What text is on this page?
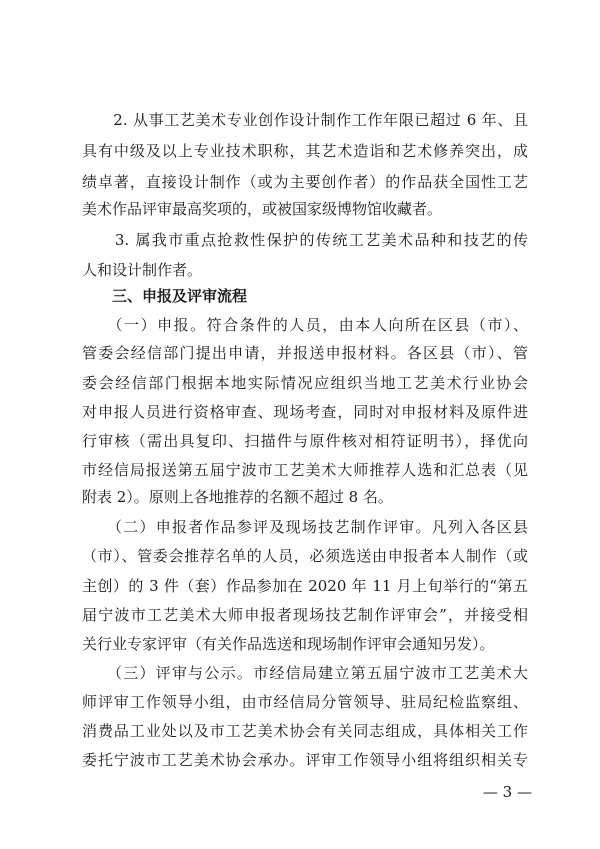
　　2. 从事工艺美术专业创作设计制作工作年限已超过 6 年、且
具有中级及以上专业技术职称，其艺术造诣和艺术修养突出，成
绩卓著，直接设计制作（或为主要创作者）的作品获全国性工艺
美术作品评审最高奖项的，或被国家级博物馆收藏者。
　　3. 属我市重点抢救性保护的传统工艺美术品种和技艺的传
人和设计制作者。
　　三、申报及评审流程
　　（一）申报。符合条件的人员，由本人向所在区县（市）、
管委会经信部门提出申请，并报送申报材料。各区县（市）、管
委会经信部门根据本地实际情况应组织当地工艺美术行业协会
对申报人员进行资格审查、现场考查，同时对申报材料及原件进
行审核（需出具复印、扫描件与原件核对相符证明书），择优向
市经信局报送第五届宁波市工艺美术大师推荐人选和汇总表（见
附表 2）。原则上各地推荐的名额不超过 8 名。
　　（二）申报者作品参评及现场技艺制作评审。凡列入各区县
（市）、管委会推荐名单的人员，必须选送由申报者本人制作（或
主创）的 3 件（套）作品参加在 2020 年 11 月上旬举行的“第五
届宁波市工艺美术大师申报者现场技艺制作评审会”，并接受相
关行业专家评审（有关作品选送和现场制作评审会通知另发）。
　　（三）评审与公示。市经信局建立第五届宁波市工艺美术大
师评审工作领导小组，由市经信局分管领导、驻局纪检监察组、
消费品工业处以及市工艺美术协会有关同志组成，具体相关工作
委托宁波市工艺美术协会承办。评审工作领导小组将组织相关专
— 3 —
